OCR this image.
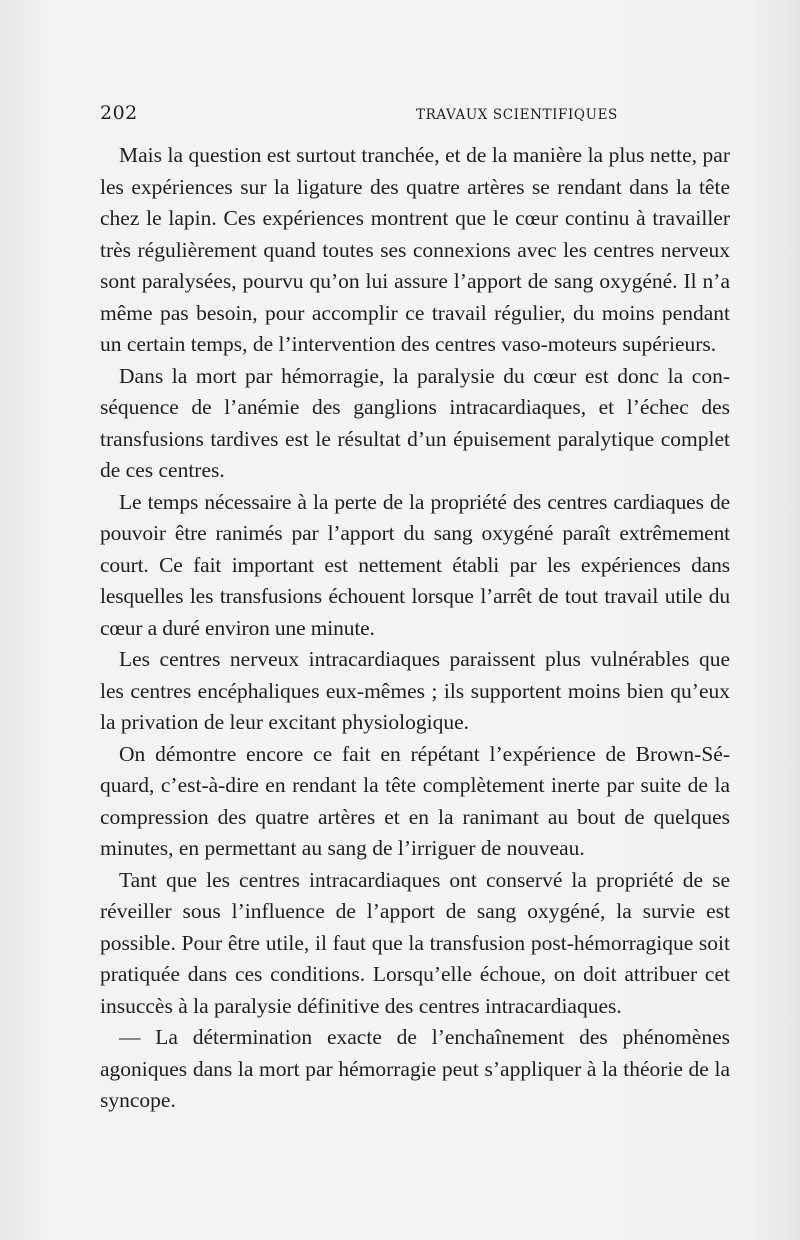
202	TRAVAUX SCIENTIFIQUES

Mais la question est surtout tranchée, et de la manière la plus nette, par les expériences sur la ligature des quatre artères se rendant dans la tête chez le lapin. Ces expériences montrent que le cœur continu à travailler très régulièrement quand toutes ses connexions avec les centres nerveux sont paralysées, pourvu qu’on lui assure l’apport de sang oxygéné. Il n’a même pas besoin, pour accomplir ce travail régulier, du moins pendant un certain temps, de l’intervention des centres vaso-moteurs supérieurs.

Dans la mort par hémorragie, la paralysie du cœur est donc la conséquence de l’anémie des ganglions intracardiaques, et l’échec des transfusions tardives est le résultat d’un épuisement paralytique complet de ces centres.

Le temps nécessaire à la perte de la propriété des centres cardiaques de pouvoir être ranimés par l’apport du sang oxygéné paraît extrêmement court. Ce fait important est nettement établi par les expériences dans lesquelles les transfusions échouent lorsque l’arrêt de tout travail utile du cœur a duré environ une minute.

Les centres nerveux intracardiaques paraissent plus vulnérables que les centres encéphaliques eux-mêmes ; ils supportent moins bien qu’eux la privation de leur excitant physiologique.

On démontre encore ce fait en répétant l’expérience de Brown-Séquard, c’est-à-dire en rendant la tête complètement inerte par suite de la compression des quatre artères et en la ranimant au bout de quelques minutes, en permettant au sang de l’irriguer de nouveau.

Tant que les centres intracardiaques ont conservé la propriété de se réveiller sous l’influence de l’apport de sang oxygéné, la survie est possible. Pour être utile, il faut que la transfusion post-hémorragique soit pratiquée dans ces conditions. Lorsqu’elle échoue, on doit attribuer cet insuccès à la paralysie définitive des centres intracardiaques.

— La détermination exacte de l’enchaînement des phénomènes agoniques dans la mort par hémorragie peut s’appliquer à la théorie de la syncope.
